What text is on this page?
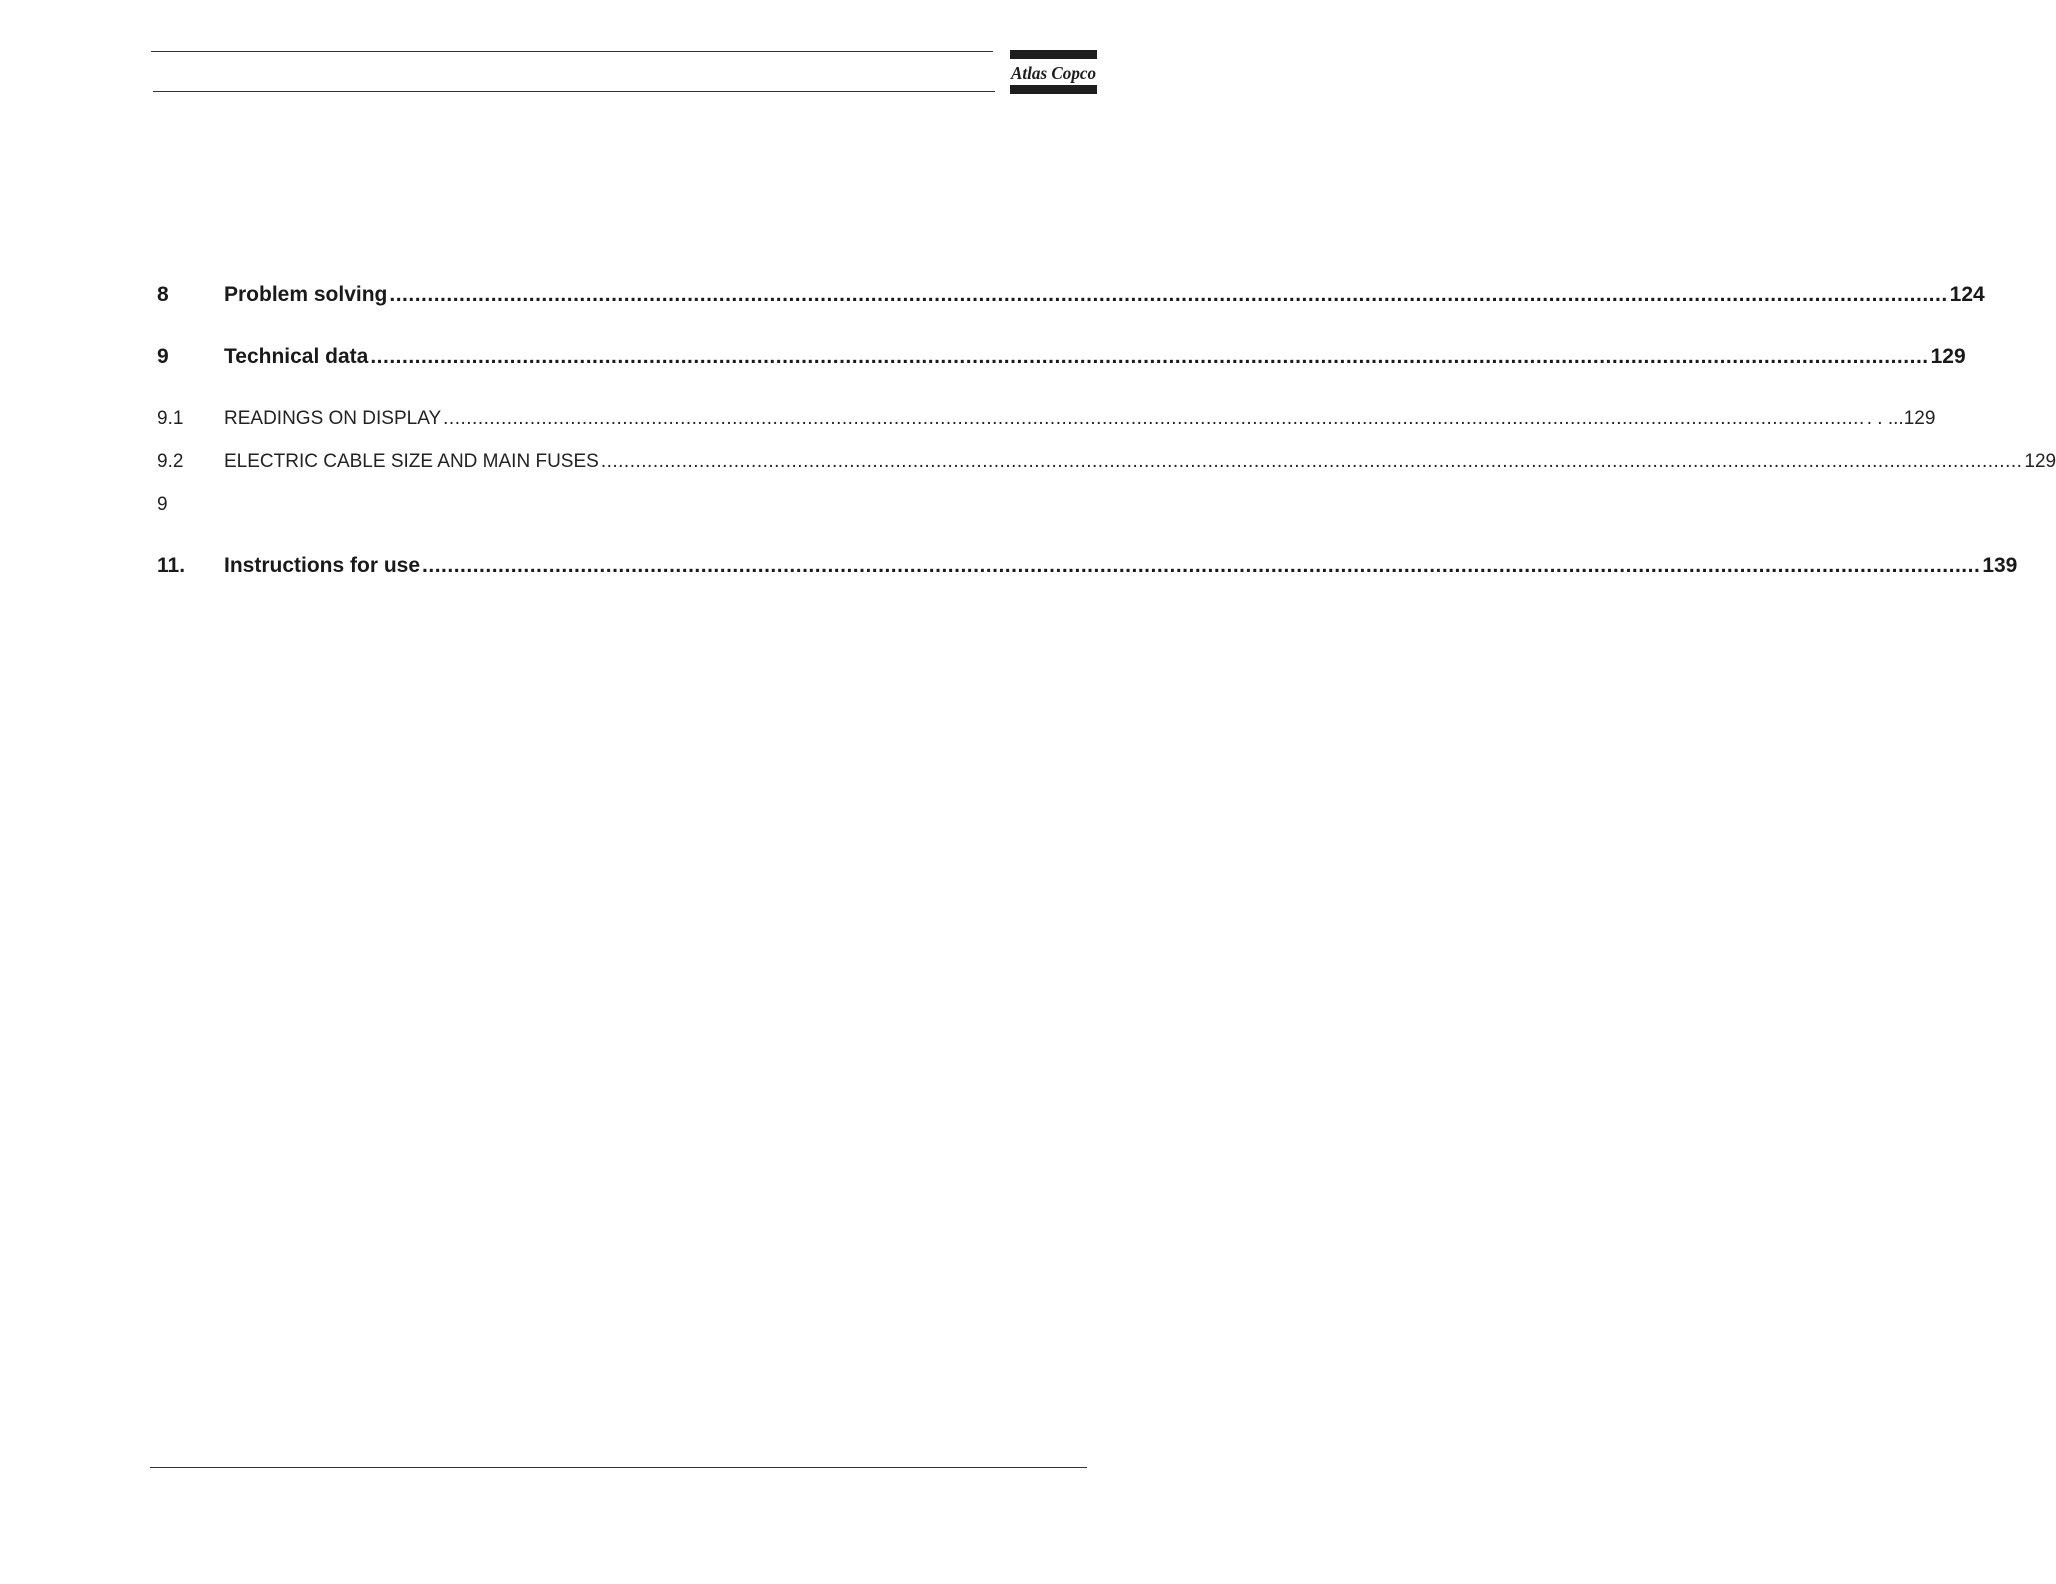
Atlas Copco
8	Problem solving ...................................................................................................................................................................................................................................................... 124
9	Technical data ...................................................................................................................................................................................................................................................... 129
9.1	READINGS ON DISPLAY ...................................................................................................................................................................................................................................................... . . ...129
9.2	ELECTRIC CABLE SIZE AND MAIN FUSES ...................................................................................................................................................................................................................................................... 129
9
11.	Instructions for use ...................................................................................................................................................................................................................................................... 139
